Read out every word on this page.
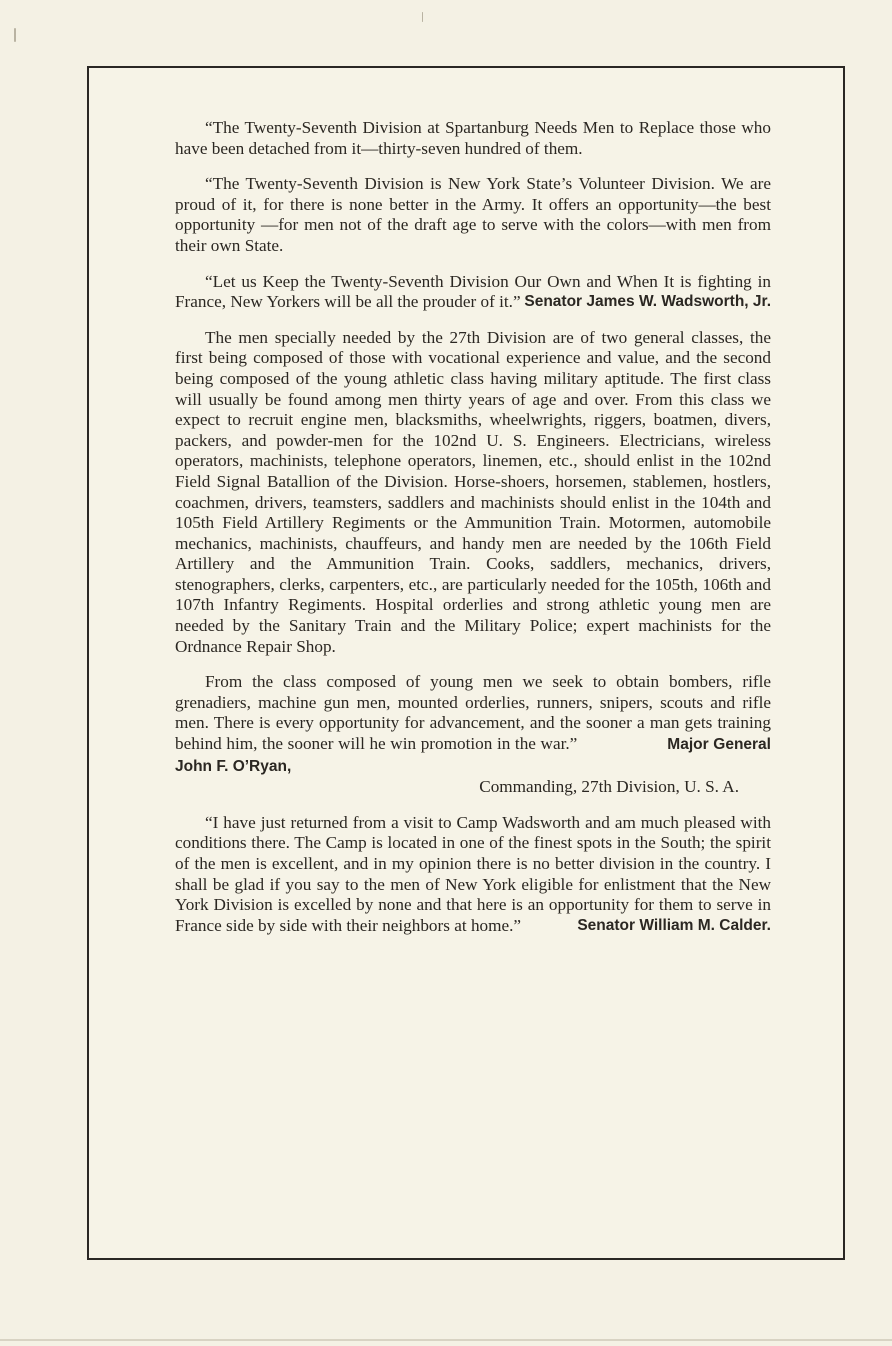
“The Twenty-Seventh Division at Spartanburg Needs Men to Replace those who have been detached from it—thirty-seven hundred of them.

“The Twenty-Seventh Division is New York State’s Volunteer Division. We are proud of it, for there is none better in the Army. It offers an opportunity—the best opportunity —for men not of the draft age to serve with the colors—with men from their own State.

“Let us Keep the Twenty-Seventh Division Our Own and When It is fighting in France, New Yorkers will be all the prouder of it.” Senator James W. Wadsworth, Jr.

The men specially needed by the 27th Division are of two general classes, the first being composed of those with vocational experience and value, and the second being composed of the young athletic class having military aptitude. The first class will usually be found among men thirty years of age and over. From this class we expect to recruit engine men, blacksmiths, wheelwrights, riggers, boatmen, divers, packers, and powder-men for the 102nd U. S. Engineers. Electricians, wireless operators, machinists, telephone operators, linemen, etc., should enlist in the 102nd Field Signal Batallion of the Division. Horse-shoers, horsemen, stablemen, hostlers, coachmen, drivers, teamsters, saddlers and machinists should enlist in the 104th and 105th Field Artillery Regiments or the Ammunition Train. Motormen, automobile mechanics, machinists, chauffeurs, and handy men are needed by the 106th Field Artillery and the Ammunition Train. Cooks, saddlers, mechanics, drivers, stenographers, clerks, carpenters, etc., are particularly needed for the 105th, 106th and 107th Infantry Regiments. Hospital orderlies and strong athletic young men are needed by the Sanitary Train and the Military Police; expert machinists for the Ordnance Repair Shop.

From the class composed of young men we seek to obtain bombers, rifle grenadiers, machine gun men, mounted orderlies, runners, snipers, scouts and rifle men. There is every opportunity for advancement, and the sooner a man gets training behind him, the sooner will he win promotion in the war.”	Major General John F. O’Ryan,
Commanding, 27th Division, U. S. A.

“I have just returned from a visit to Camp Wadsworth and am much pleased with conditions there. The Camp is located in one of the finest spots in the South; the spirit of the men is excellent, and in my opinion there is no better division in the country. I shall be glad if you say to the men of New York eligible for enlistment that the New York Division is excelled by none and that here is an opportunity for them to serve in France side by side with their neighbors at home.”	Senator William M. Calder.
